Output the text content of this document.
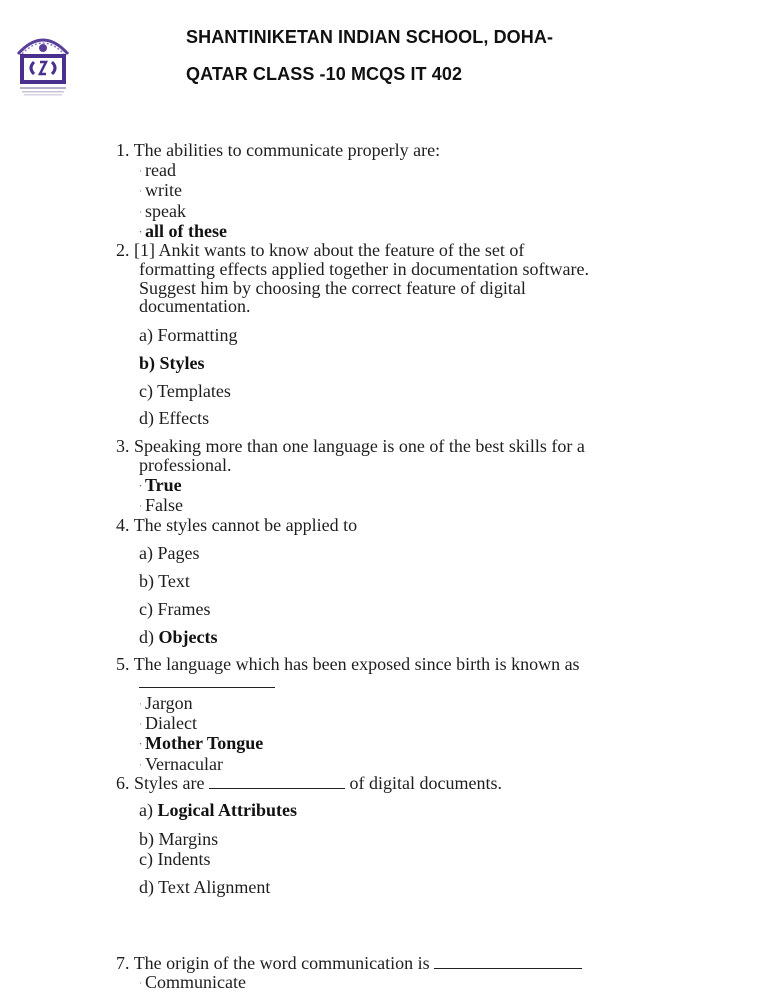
SHANTINIKETAN INDIAN SCHOOL, DOHA-
QATAR CLASS -10 MCQS IT 402
1. The abilities to communicate properly are:
· read
· write
· speak
· all of these
2. [1] Ankit wants to know about the feature of the set of
formatting effects applied together in documentation software.
Suggest him by choosing the correct feature of digital
documentation.
a) Formatting
b) Styles
c) Templates
d) Effects
3. Speaking more than one language is one of the best skills for a
professional.
· True
· False
4. The styles cannot be applied to
a) Pages
b) Text
c) Frames
d) Objects
5. The language which has been exposed since birth is known as
· Jargon
· Dialect
· Mother Tongue
· Vernacular
6. Styles are	of digital documents.
a) Logical Attributes
b) Margins
c) Indents
d) Text Alignment
7. The origin of the word communication is
· Communicate
